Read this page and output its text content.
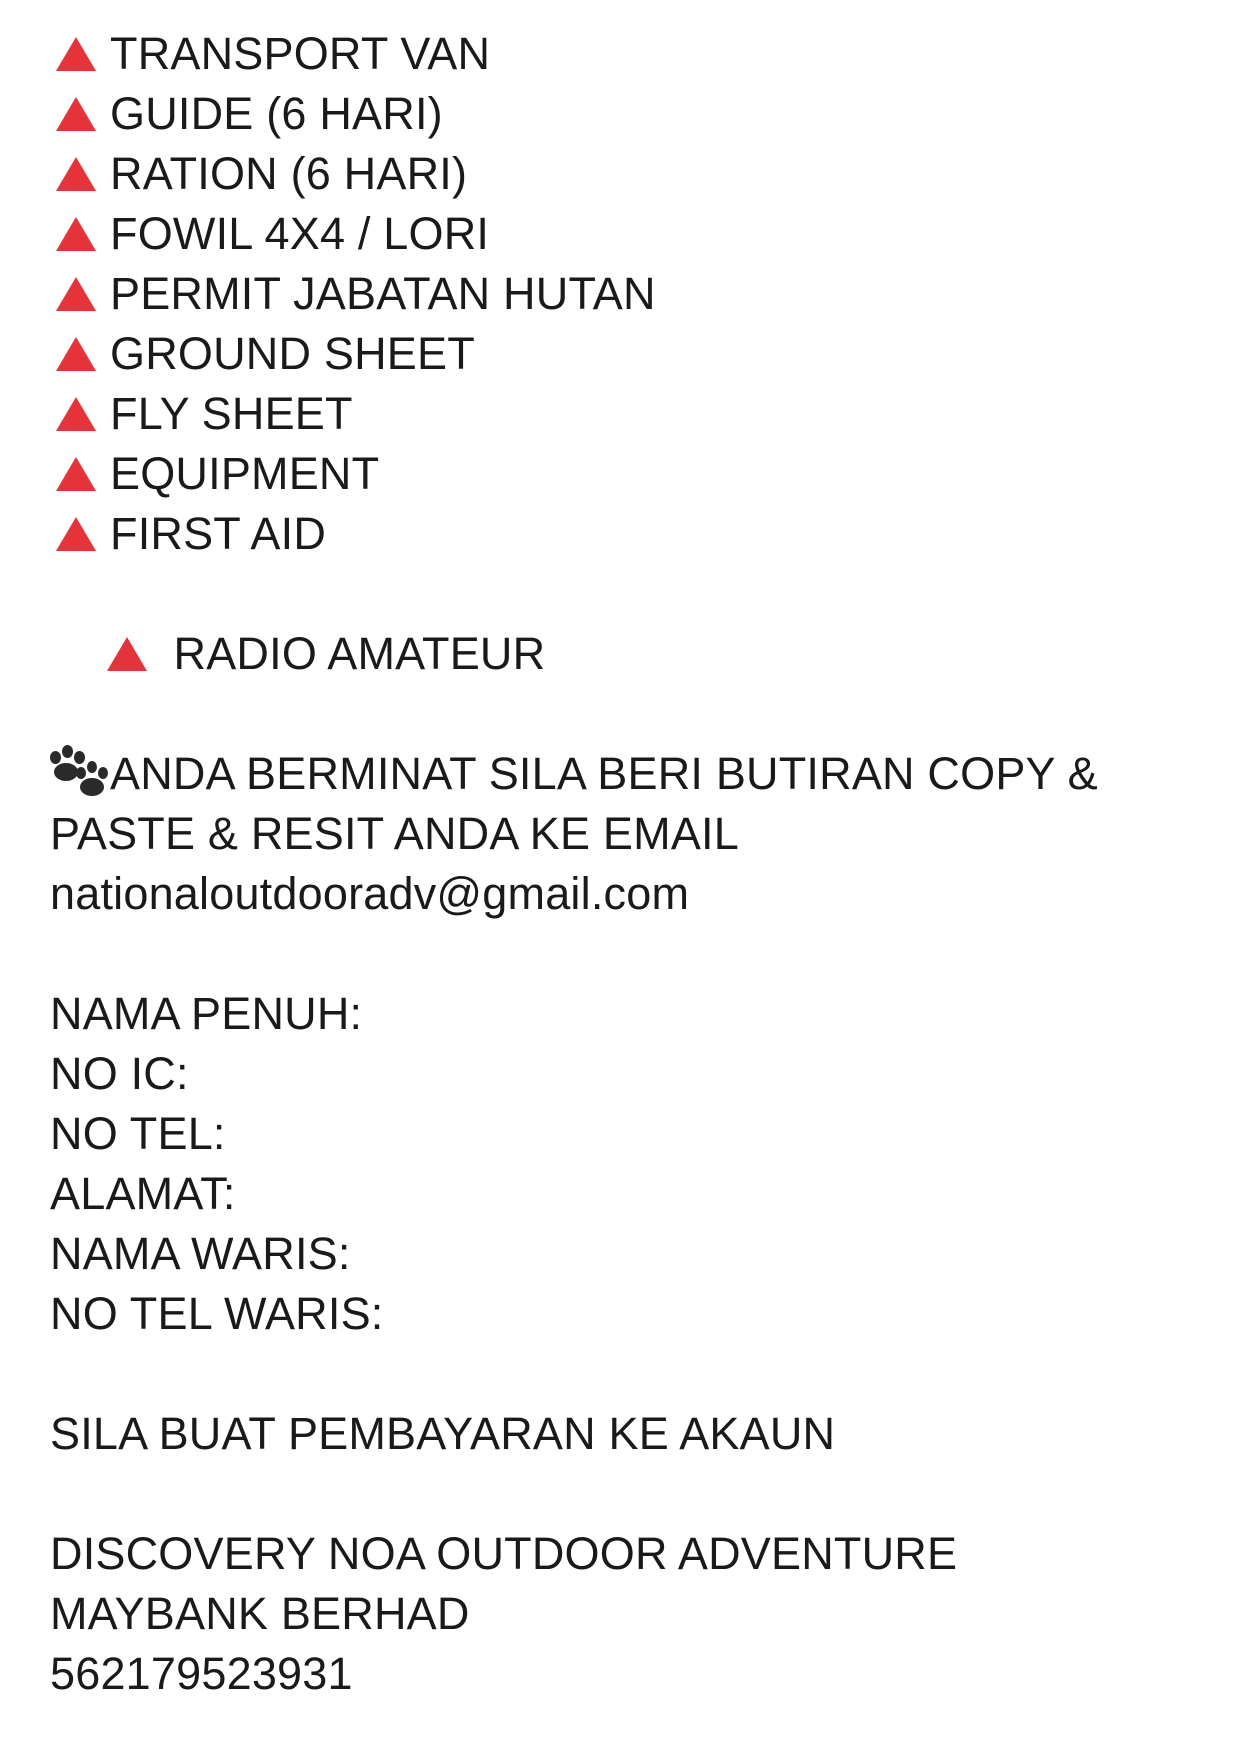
TRANSPORT VAN
GUIDE (6 HARI)
RATION (6 HARI)
FOWIL 4X4 / LORI
PERMIT JABATAN HUTAN
GROUND SHEET
FLY SHEET
EQUIPMENT
FIRST AID

RADIO AMATEUR

ANDA BERMINAT SILA BERI BUTIRAN COPY &
PASTE & RESIT ANDA KE EMAIL
nationaloutdooradv@gmail.com
NAMA PENUH:
NO IC:
NO TEL:
ALAMAT:
NAMA WARIS:
NO TEL WARIS:
SILA BUAT PEMBAYARAN KE AKAUN
DISCOVERY NOA OUTDOOR ADVENTURE
MAYBANK BERHAD
562179523931
